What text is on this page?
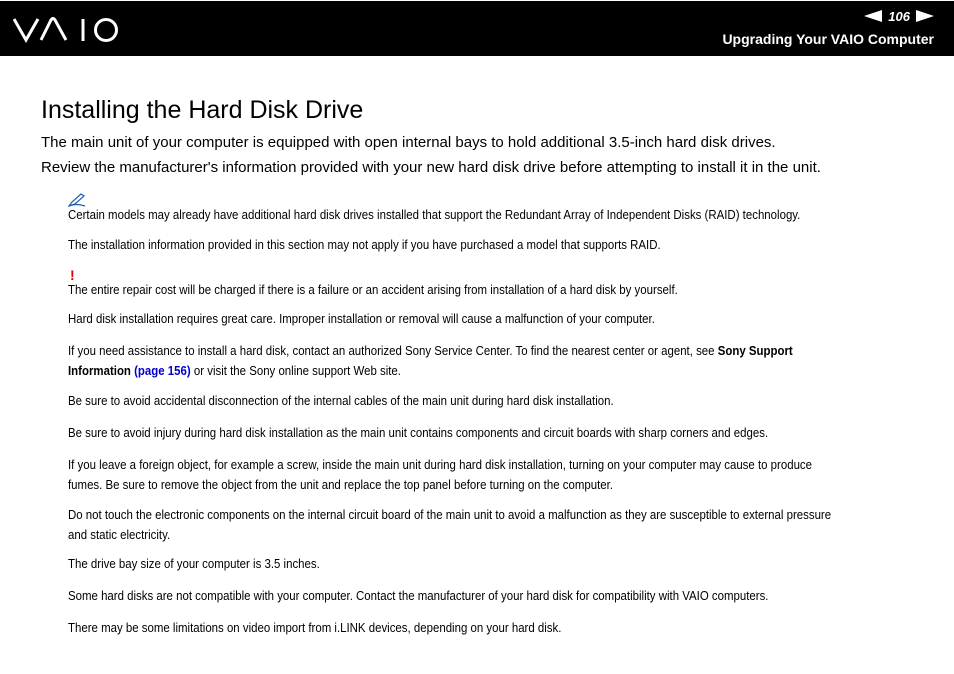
106
Upgrading Your VAIO Computer
Installing the Hard Disk Drive

The main unit of your computer is equipped with open internal bays to hold additional 3.5-inch hard disk drives.

Review the manufacturer's information provided with your new hard disk drive before attempting to install it in the unit.

Certain models may already have additional hard disk drives installed that support the Redundant Array of Independent Disks (RAID) technology.

The installation information provided in this section may not apply if you have purchased a model that supports RAID.

!

The entire repair cost will be charged if there is a failure or an accident arising from installation of a hard disk by yourself.

Hard disk installation requires great care. Improper installation or removal will cause a malfunction of your computer.

If you need assistance to install a hard disk, contact an authorized Sony Service Center. To find the nearest center or agent, see Sony Support
Information (page 156) or visit the Sony online support Web site.

Be sure to avoid accidental disconnection of the internal cables of the main unit during hard disk installation.

Be sure to avoid injury during hard disk installation as the main unit contains components and circuit boards with sharp corners and edges.

If you leave a foreign object, for example a screw, inside the main unit during hard disk installation, turning on your computer may cause to produce

fumes. Be sure to remove the object from the unit and replace the top panel before turning on the computer.

Do not touch the electronic components on the internal circuit board of the main unit to avoid a malfunction as they are susceptible to external pressure

and static electricity.

The drive bay size of your computer is 3.5 inches.

Some hard disks are not compatible with your computer. Contact the manufacturer of your hard disk for compatibility with VAIO computers.

There may be some limitations on video import from i.LINK devices, depending on your hard disk.
